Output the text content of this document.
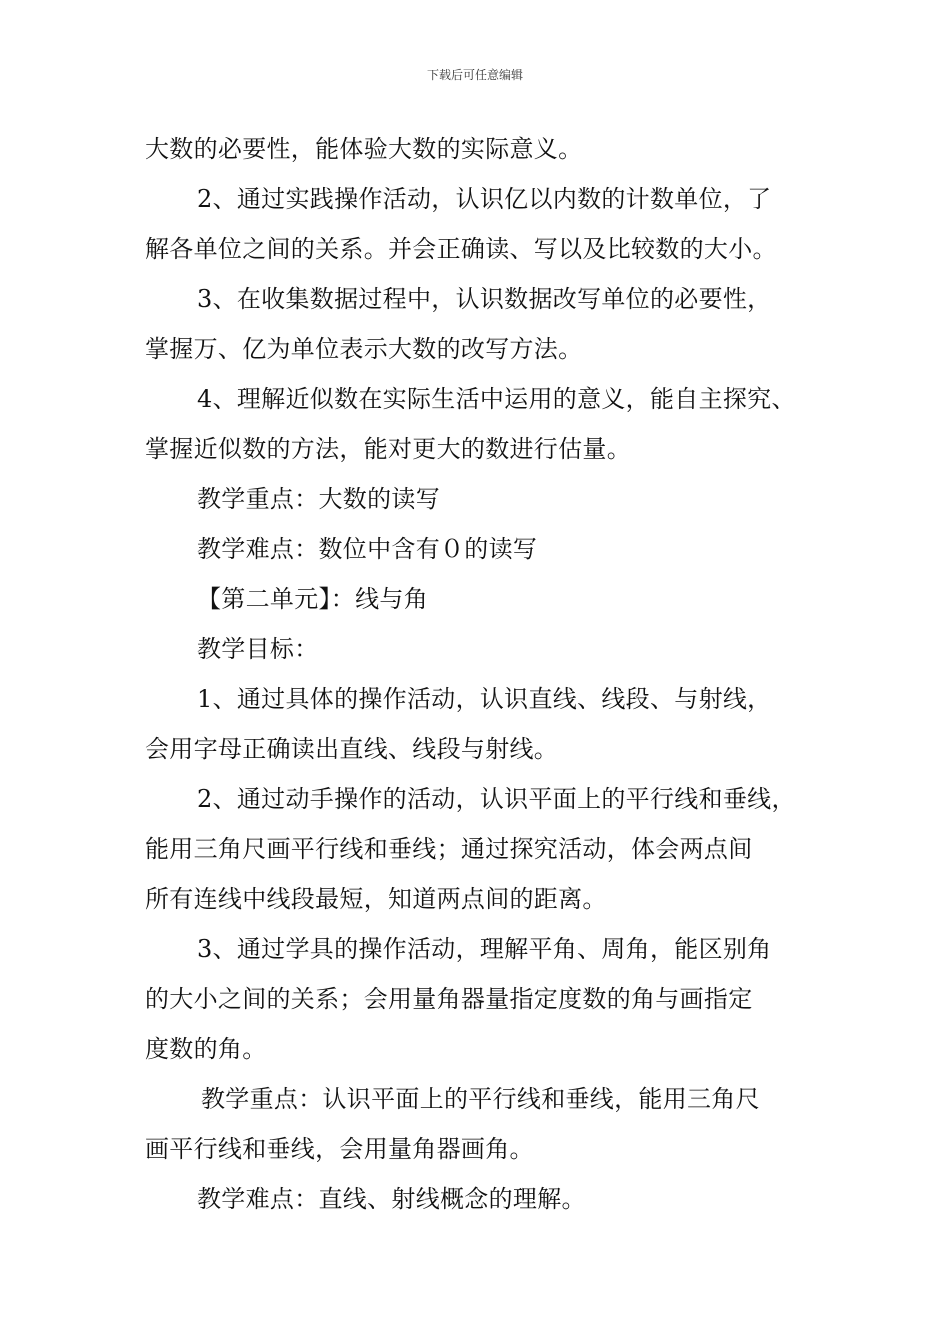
下载后可任意编辑
大数的必要性，能体验大数的实际意义。
2、通过实践操作活动，认识亿以内数的计数单位，了
解各单位之间的关系。并会正确读、写以及比较数的大小。
3、在收集数据过程中，认识数据改写单位的必要性，
掌握万、亿为单位表示大数的改写方法。
4、理解近似数在实际生活中运用的意义，能自主探究、
掌握近似数的方法，能对更大的数进行估量。
教学重点：大数的读写
教学难点：数位中含有０的读写
【第二单元】：线与角
教学目标：
1、通过具体的操作活动，认识直线、线段、与射线，
会用字母正确读出直线、线段与射线。
2、通过动手操作的活动，认识平面上的平行线和垂线，
能用三角尺画平行线和垂线；通过探究活动，体会两点间
所有连线中线段最短，知道两点间的距离。
3、通过学具的操作活动，理解平角、周角，能区别角
的大小之间的关系；会用量角器量指定度数的角与画指定
度数的角。
教学重点：认识平面上的平行线和垂线，能用三角尺
画平行线和垂线，会用量角器画角。
教学难点：直线、射线概念的理解。
